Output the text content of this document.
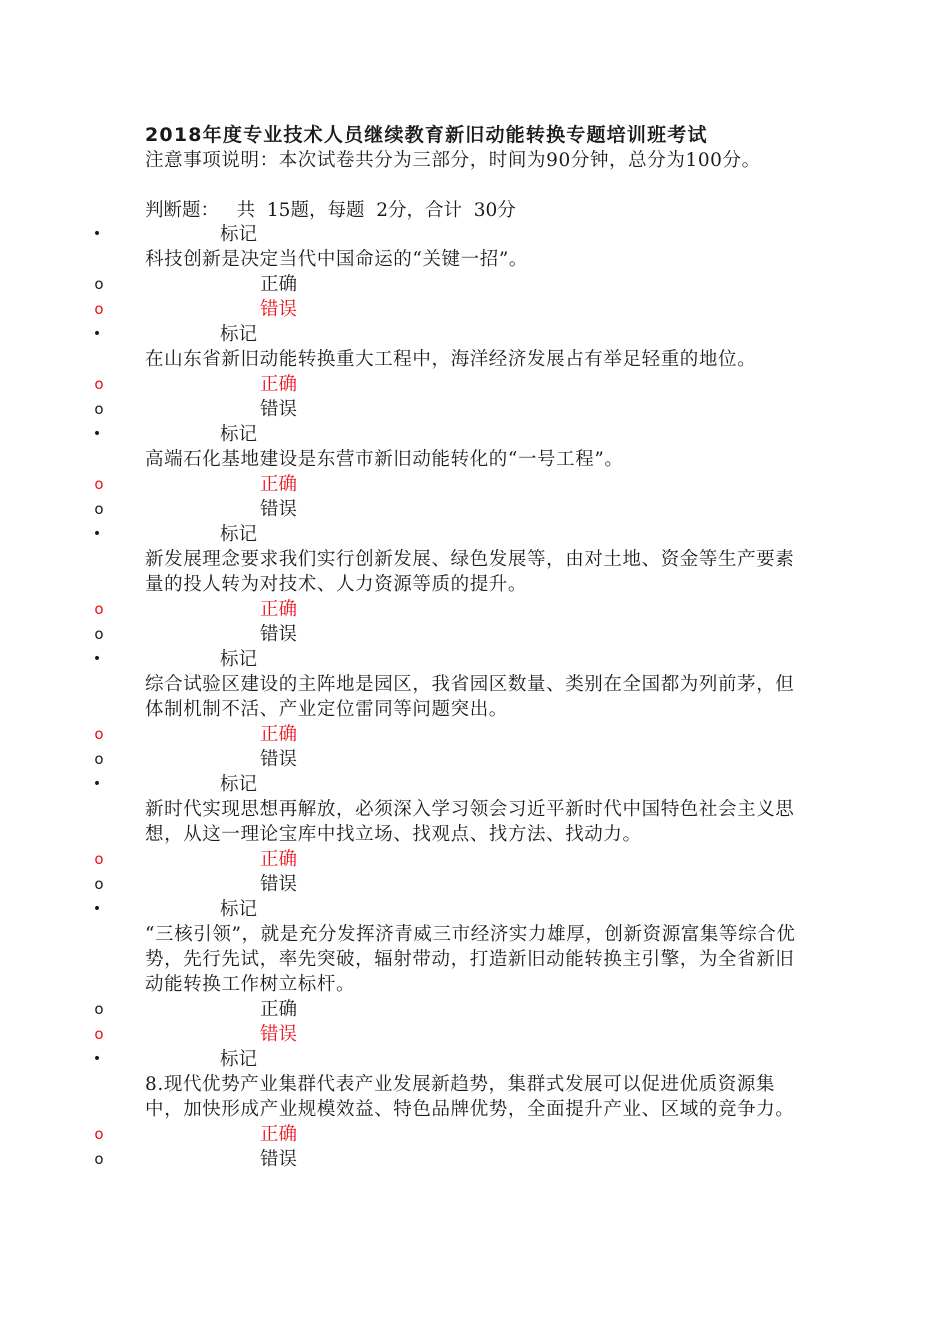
2018年度专业技术人员继续教育新旧动能转换专题培训班考试
注意事项说明：本次试卷共分为三部分，时间为90分钟，总分为100分。
判断题：   共  15题，每题  2分，合计  30分
•	标记
科技创新是决定当代中国命运的“关键一招”。
o	正确
o	错误
•	标记
在山东省新旧动能转换重大工程中，海洋经济发展占有举足轻重的地位。
o	正确
o	错误
•	标记
高端石化基地建设是东营市新旧动能转化的“一号工程”。
o	正确
o	错误
•	标记
新发展理念要求我们实行创新发展、绿色发展等，由对土地、资金等生产要素量的投人转为对技术、人力资源等质的提升。
o	正确
o	错误
•	标记
综合试验区建设的主阵地是园区，我省园区数量、类别在全国都为列前茅，但体制机制不活、产业定位雷同等问题突出。
o	正确
o	错误
•	标记
新时代实现思想再解放，必须深入学习领会习近平新时代中国特色社会主义思想，从这一理论宝库中找立场、找观点、找方法、找动力。
o	正确
o	错误
•	标记
“三核引领”，就是充分发挥济青威三市经济实力雄厚，创新资源富集等综合优势，先行先试，率先突破，辐射带动，打造新旧动能转换主引擎，为全省新旧动能转换工作树立标杆。
o	正确
o	错误
•	标记
8.现代优势产业集群代表产业发展新趋势，集群式发展可以促进优质资源集中，加快形成产业规模效益、特色品牌优势，全面提升产业、区域的竞争力。
o	正确
o	错误
